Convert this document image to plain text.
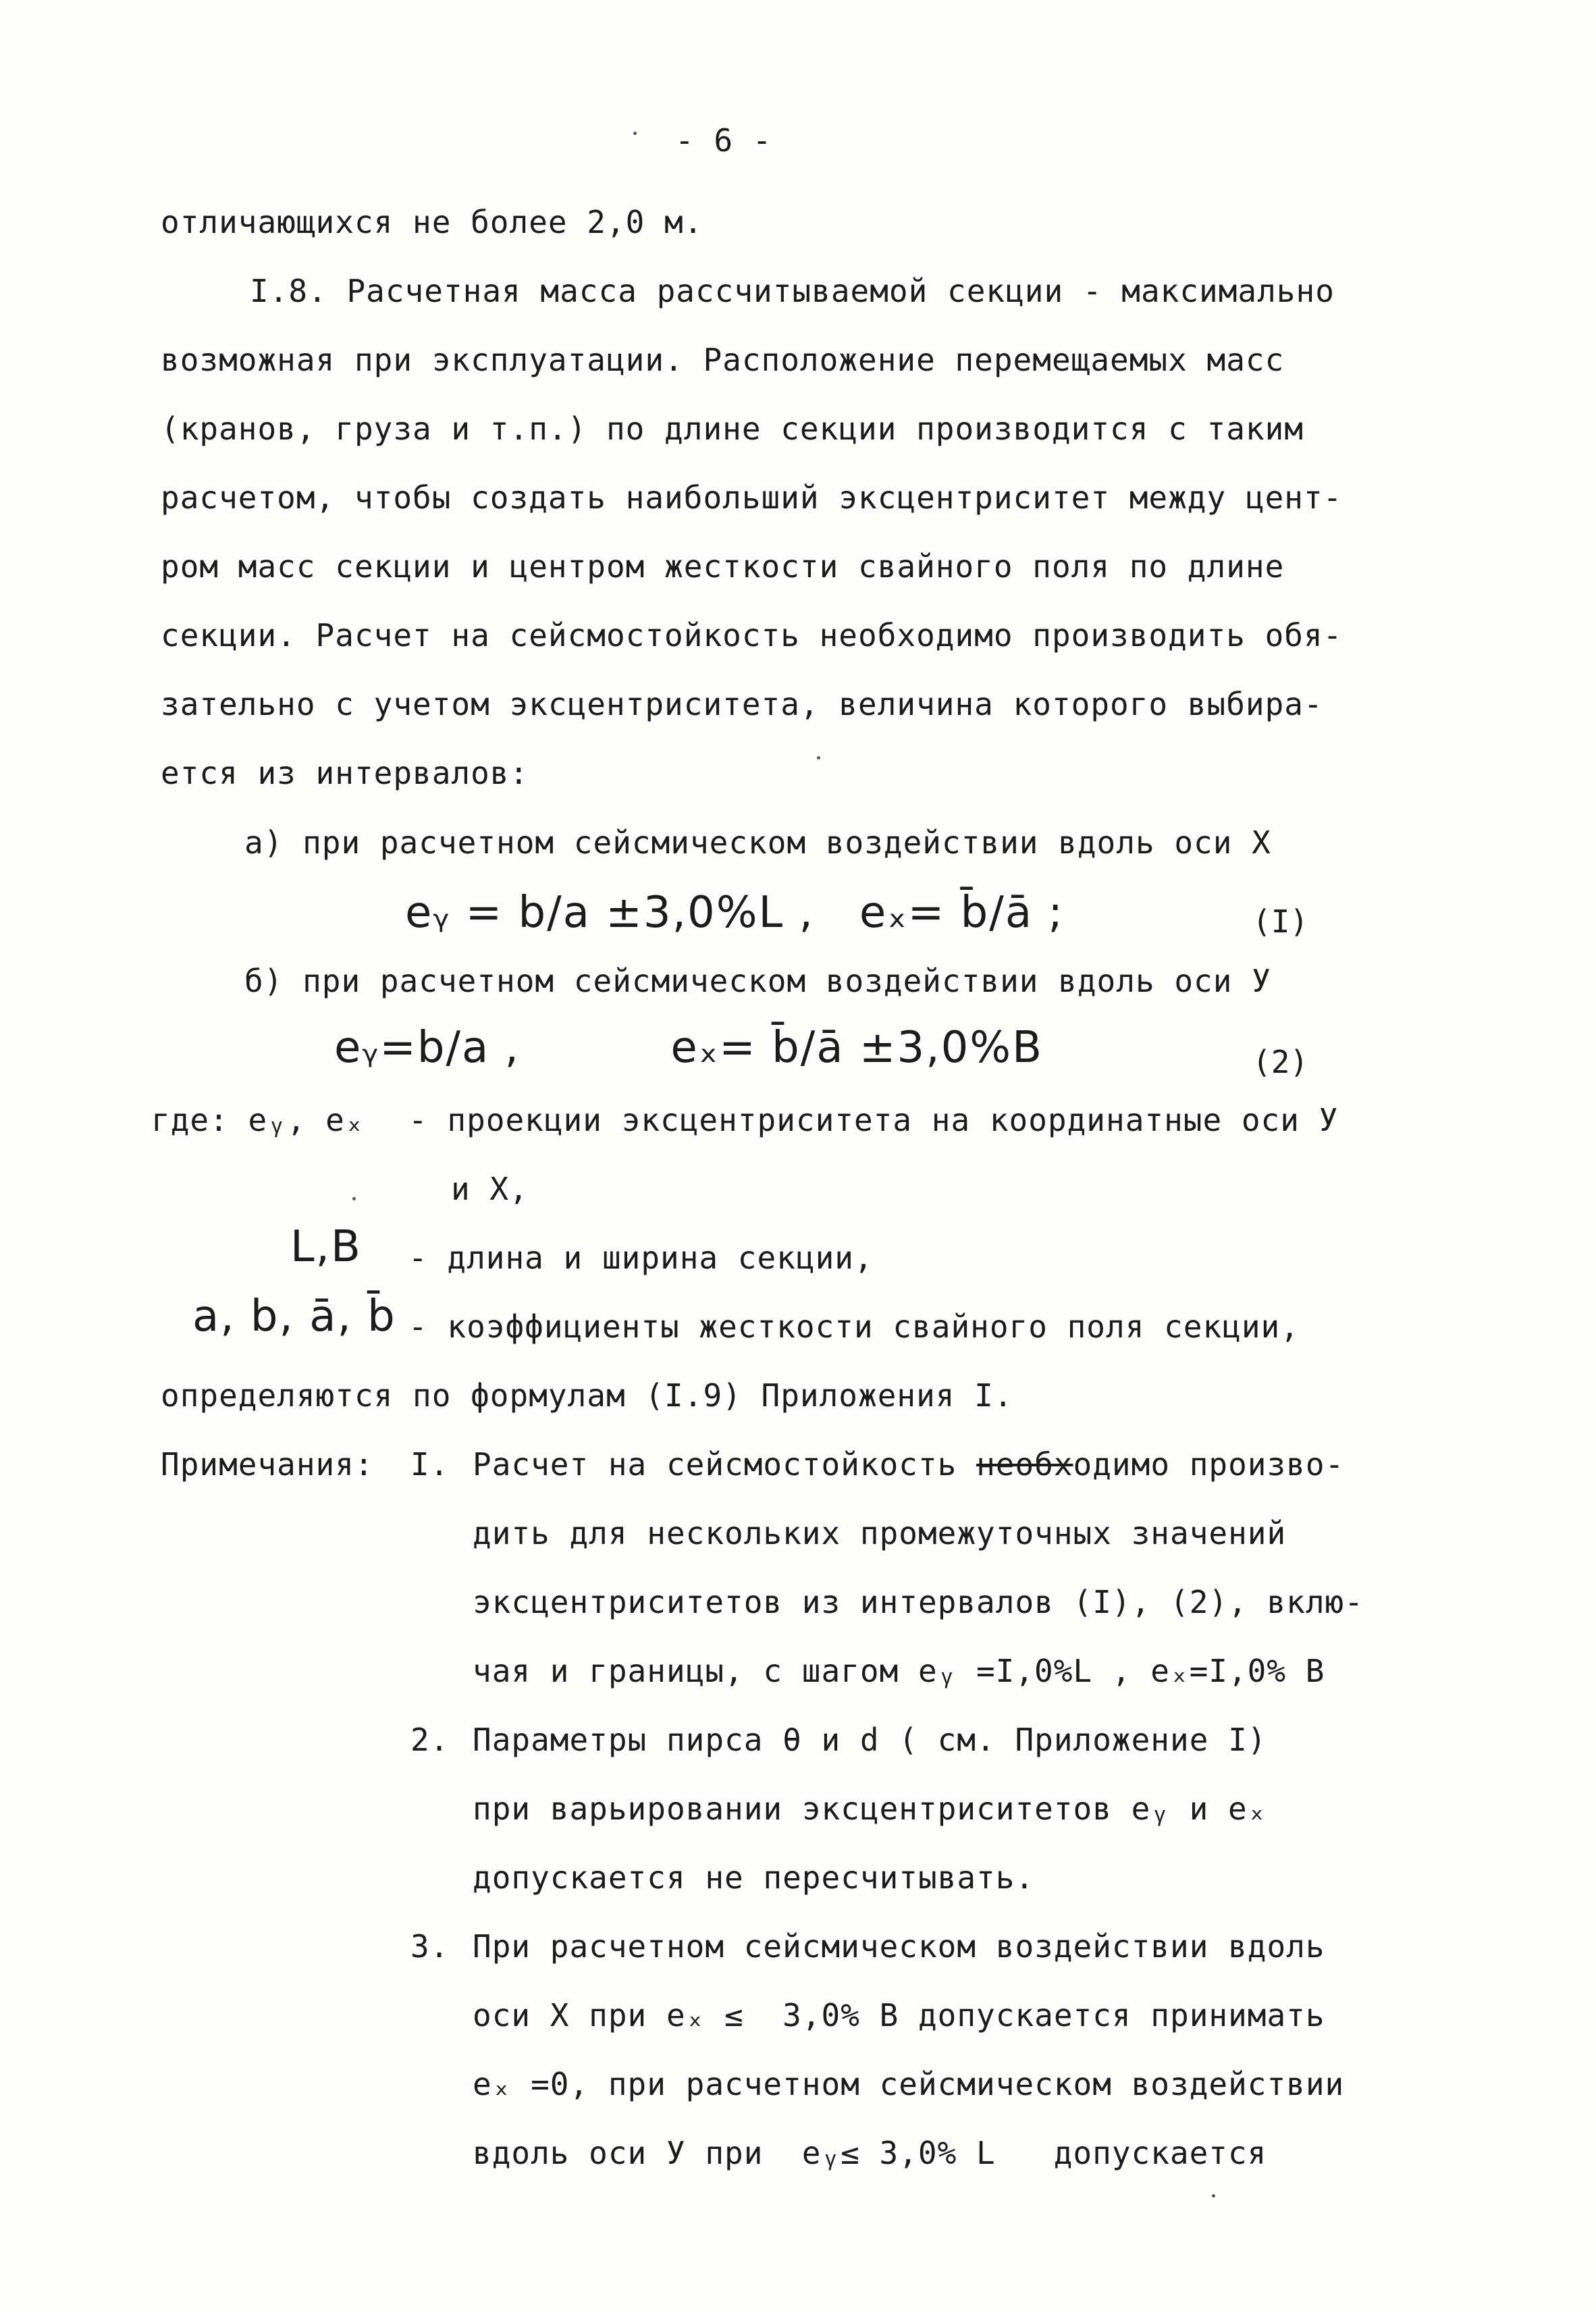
- 6 -
отличающихся не более 2,0 м.
I.8. Расчетная масса рассчитываемой секции - максимально
возможная при эксплуатации. Расположение перемещаемых масс
(кранов, груза и т.п.) по длине секции производится с таким
расчетом, чтобы создать наибольший эксцентриситет между цент-
ром масс секции и центром жесткости свайного поля по длине
секции. Расчет на сейсмостойкость необходимо производить обя-
зательно с учетом эксцентриситета, величина которого выбира-
ется из интервалов:
а) при расчетном сейсмическом воздействии вдоль оси X
eᵧ = b/a ±3,0%L ,   eₓ= b̄/ā ;	(I)
б) при расчетном сейсмическом воздействии вдоль оси У
eᵧ=b/a ,          eₓ= b̄/ā ±3,0%B	(2)
где: eᵧ, eₓ - проекции эксцентриситета на координатные оси У
и X,
L,B - длина и ширина секции,
a, b, ā, b̄ - коэффициенты жесткости свайного поля секции,
определяются по формулам (I.9) Приложения I.
Примечания: I. Расчет на сейсмостойкость необходимо произво-
дить для нескольких промежуточных значений
эксцентриситетов из интервалов (I), (2), вклю-
чая и границы, с шагом eᵧ =I,0%L , eₓ=I,0% B
2. Параметры пирса θ и d ( см. Приложение I)
при варьировании эксцентриситетов eᵧ и eₓ
допускается не пересчитывать.
3. При расчетном сейсмическом воздействии вдоль
оси X при eₓ ≤  3,0% B допускается принимать
eₓ =0, при расчетном сейсмическом воздействии
вдоль оси У при  eᵧ≤ 3,0% L   допускается
